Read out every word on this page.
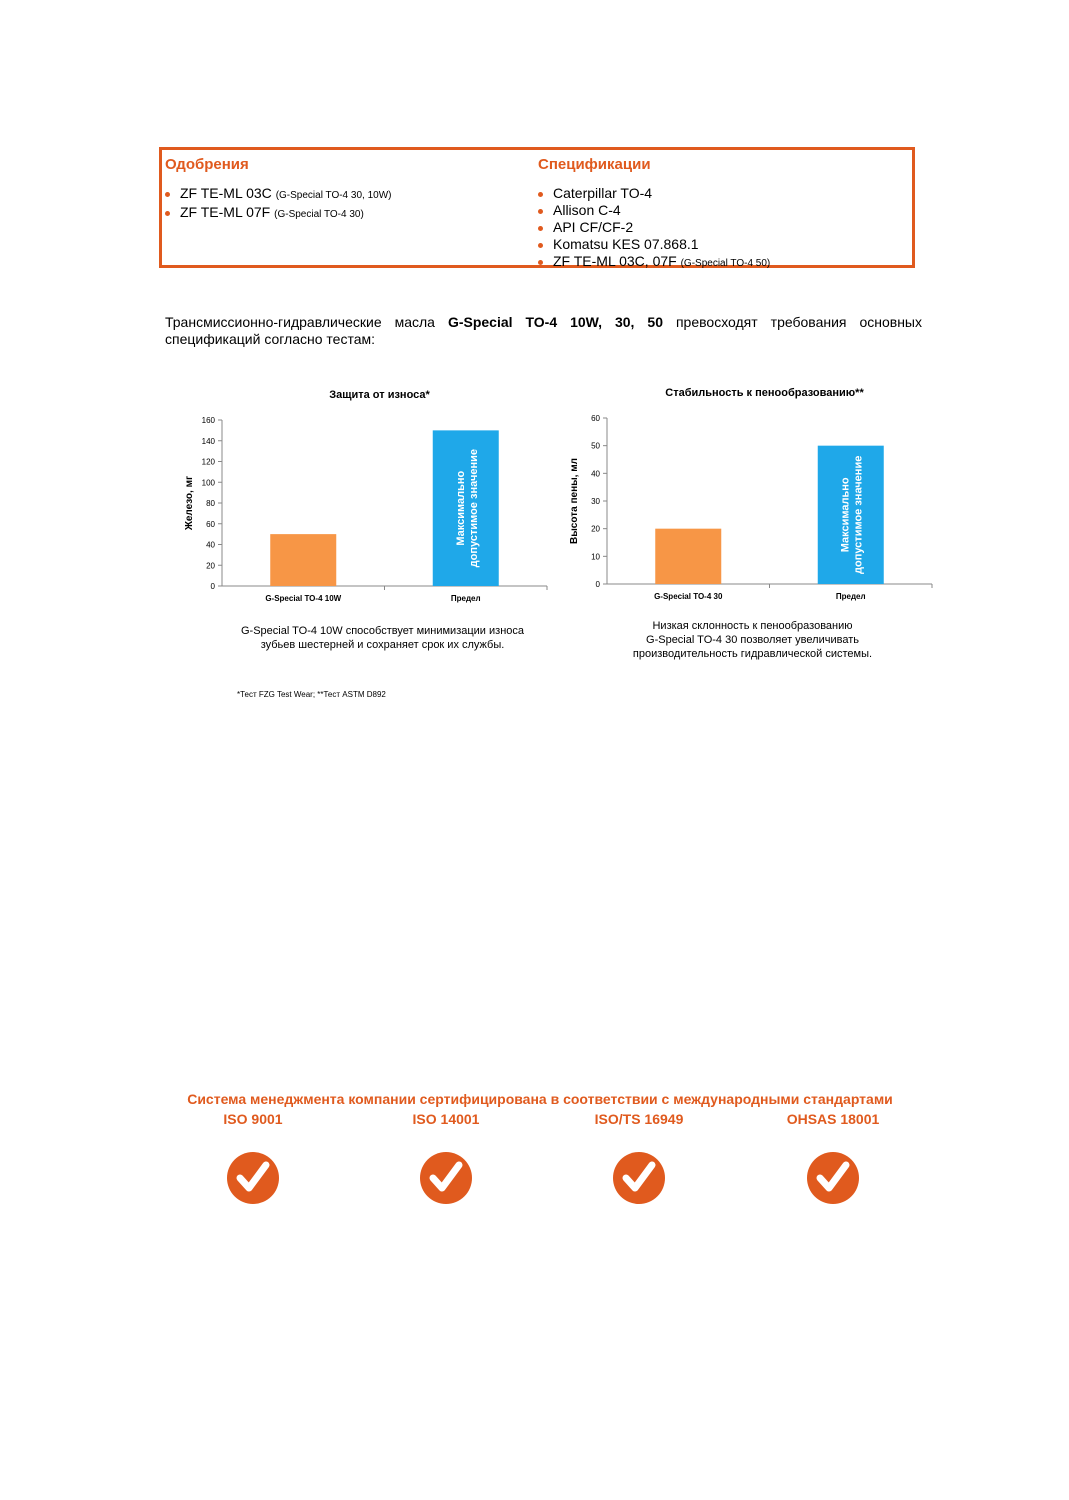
Одобрения
ZF TE-ML 03C (G-Special TO-4 30, 10W)
ZF TE-ML 07F (G-Special TO-4 30)
Спецификации
Caterpillar TO-4
Allison C-4
API CF/CF-2
Komatsu KES 07.868.1
ZF TE-ML 03C, 07F (G-Special TO-4 50)

Трансмиссионно-гидравлические масла G-Special TO-4 10W, 30, 50 превосходят требования основных спецификаций согласно тестам:

Защита от износа*
Железо, мг
0
20
40
60
80
100
120
140
160
G-Special TO-4 10W	Предел
Максимальнодопустимое значение
Стабильность к пенообразованию**
Высота пены, мл
0
10
20
30
40
50
60
G-Special TO-4 30	Предел
Максимальнодопустимое значение
G-Special TO-4 10W способствует минимизации износа
зубьев шестерней и сохраняет срок их службы.
Низкая склонность к пенообразованию
G-Special TO-4 30 позволяет увеличивать
производительность гидравлической системы.
*Тест FZG Test Wear; **Тест ASTM D892
Система менеджмента компании сертифицирована в соответствии с международными стандартами
ISO 9001	ISO 14001	ISO/TS 16949	OHSAS 18001
